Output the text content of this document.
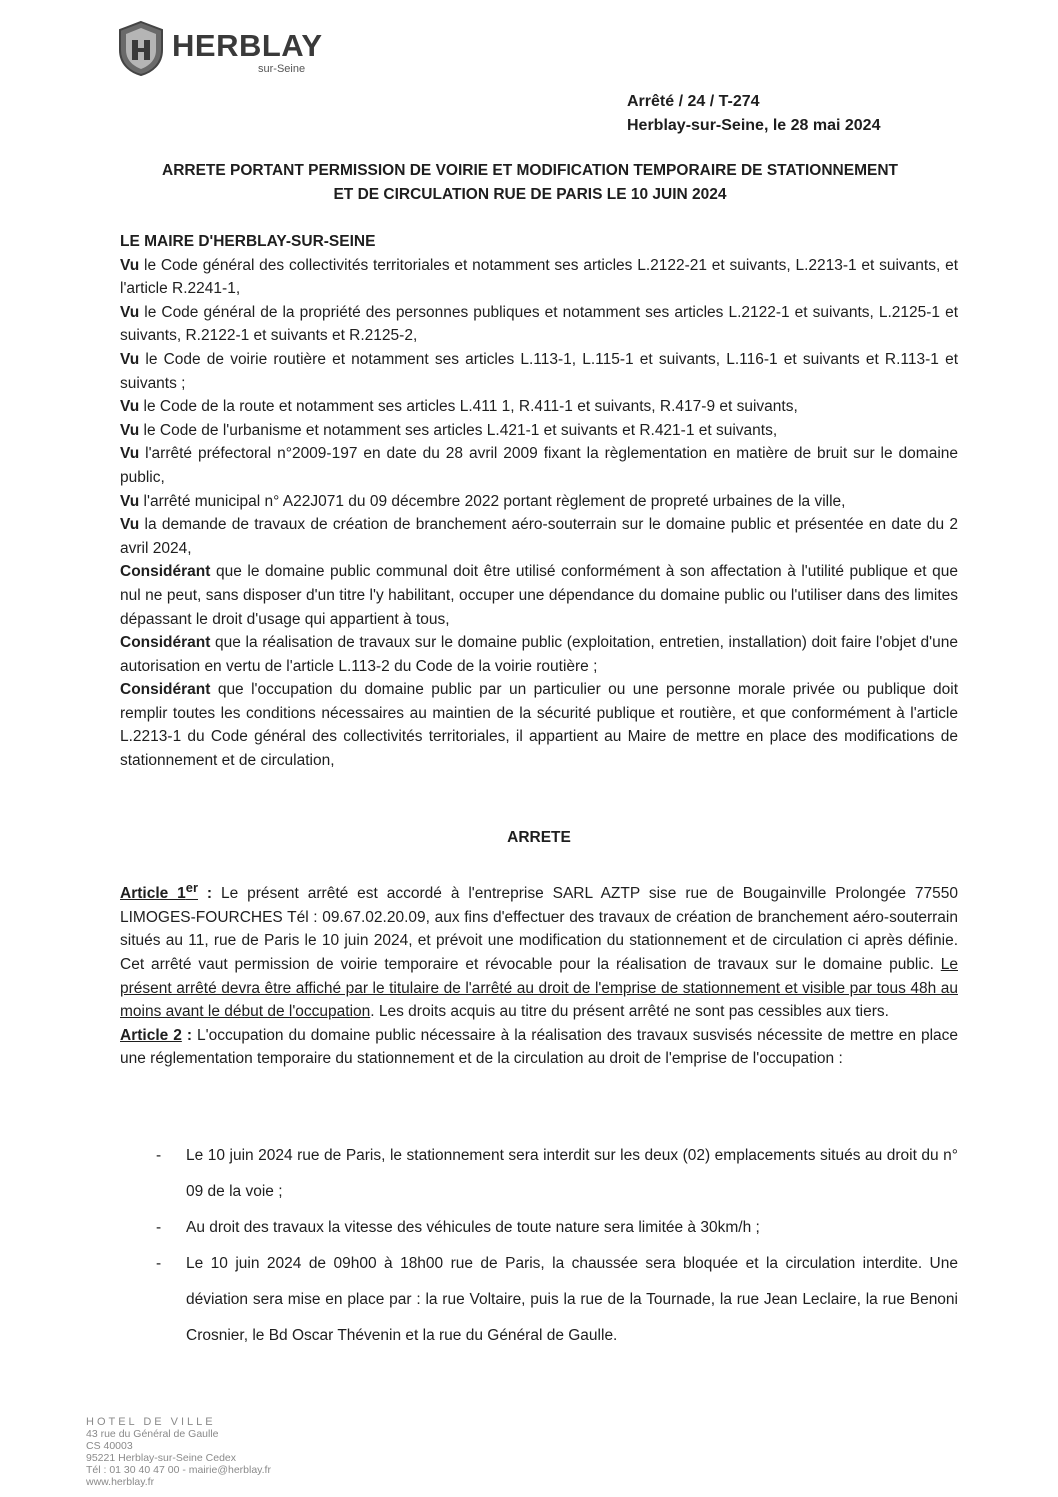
HERBLAY
sur-Seine
Arrêté / 24 / T-274
Herblay-sur-Seine, le 28 mai 2024
ARRETE PORTANT PERMISSION DE VOIRIE ET MODIFICATION TEMPORAIRE DE STATIONNEMENT
ET DE CIRCULATION RUE DE PARIS LE 10 JUIN 2024

LE MAIRE D'HERBLAY-SUR-SEINE

Vu le Code général des collectivités territoriales et notamment ses articles L.2122-21 et suivants, L.2213-1 et suivants, et l'article R.2241-1,

Vu le Code général de la propriété des personnes publiques et notamment ses articles L.2122-1 et suivants, L.2125-1 et suivants, R.2122-1 et suivants et R.2125-2,

Vu le Code de voirie routière et notamment ses articles L.113-1, L.115-1 et suivants, L.116-1 et suivants et R.113-1 et suivants ;

Vu le Code de la route et notamment ses articles L.411 1, R.411-1 et suivants, R.417-9 et suivants,

Vu le Code de l'urbanisme et notamment ses articles L.421-1 et suivants et R.421-1 et suivants,

Vu l'arrêté préfectoral n°2009-197 en date du 28 avril 2009 fixant la règlementation en matière de bruit sur le domaine public,

Vu l'arrêté municipal n° A22J071 du 09 décembre 2022 portant règlement de propreté urbaines de la ville,

Vu la demande de travaux de création de branchement aéro-souterrain sur le domaine public et présentée en date du 2 avril 2024,

Considérant que le domaine public communal doit être utilisé conformément à son affectation à l'utilité publique et que nul ne peut, sans disposer d'un titre l'y habilitant, occuper une dépendance du domaine public ou l'utiliser dans des limites dépassant le droit d'usage qui appartient à tous,

Considérant que la réalisation de travaux sur le domaine public (exploitation, entretien, installation) doit faire l'objet d'une autorisation en vertu de l'article L.113-2 du Code de la voirie routière ;

Considérant que l'occupation du domaine public par un particulier ou une personne morale privée ou publique doit remplir toutes les conditions nécessaires au maintien de la sécurité publique et routière, et que conformément à l'article L.2213-1 du Code général des collectivités territoriales, il appartient au Maire de mettre en place des modifications de stationnement et de circulation,

ARRETE

Article 1er : Le présent arrêté est accordé à l'entreprise SARL AZTP sise rue de Bougainville Prolongée 77550 LIMOGES-FOURCHES Tél : 09.67.02.20.09, aux fins d'effectuer des travaux de création de branchement aéro-souterrain situés au 11, rue de Paris le 10 juin 2024, et prévoit une modification du stationnement et de circulation ci après définie. Cet arrêté vaut permission de voirie temporaire et révocable pour la réalisation de travaux sur le domaine public. Le présent arrêté devra être affiché par le titulaire de l'arrêté au droit de l'emprise de stationnement et visible par tous 48h au moins avant le début de l'occupation. Les droits acquis au titre du présent arrêté ne sont pas cessibles aux tiers.

Article 2 : L'occupation du domaine public nécessaire à la réalisation des travaux susvisés nécessite de mettre en place une réglementation temporaire du stationnement et de la circulation au droit de l'emprise de l'occupation :

- Le 10 juin 2024 rue de Paris, le stationnement sera interdit sur les deux (02) emplacements situés au droit du n° 09 de la voie ;
- Au droit des travaux la vitesse des véhicules de toute nature sera limitée à 30km/h ;
- Le 10 juin 2024 de 09h00 à 18h00 rue de Paris, la chaussée sera bloquée et la circulation interdite. Une déviation sera mise en place par : la rue Voltaire, puis la rue de la Tournade, la rue Jean Leclaire, la rue Benoni Crosnier, le Bd Oscar Thévenin et la rue du Général de Gaulle.
HOTEL DE VILLE
43 rue du Général de Gaulle
CS 40003
95221 Herblay-sur-Seine Cedex
Tél : 01 30 40 47 00 - mairie@herblay.fr
www.herblay.fr
